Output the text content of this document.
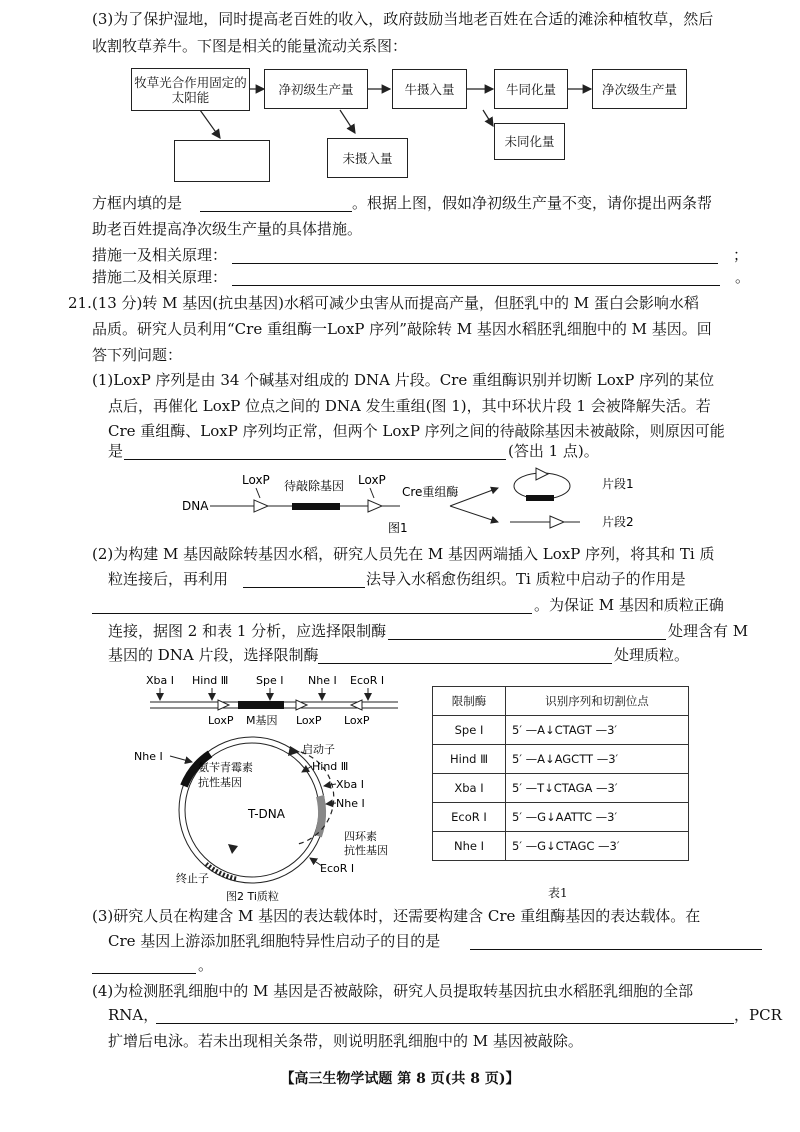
(3)为了保护湿地，同时提高老百姓的收入，政府鼓励当地老百姓在合适的滩涂种植牧草，然后
收割牧草养牛。下图是相关的能量流动关系图：
牧草光合作用固定的太阳能
净初级生产量	牛摄入量	牛同化量	净次级生产量
未摄入量
未同化量
方框内填的是	。根据上图，假如净初级生产量不变，请你提出两条帮
助老百姓提高净次级生产量的具体措施。
措施一及相关原理：	；
措施二及相关原理：	。
21.(13 分)转 M 基因(抗虫基因)水稻可减少虫害从而提高产量，但胚乳中的 M 蛋白会影响水稻
品质。研究人员利用“Cre 重组酶一LoxP 序列”敲除转 M 基因水稻胚乳细胞中的 M 基因。回
答下列问题：
(1)LoxP 序列是由 34 个碱基对组成的 DNA 片段。Cre 重组酶识别并切断 LoxP 序列的某位
点后，再催化 LoxP 位点之间的 DNA 发生重组(图 1)，其中环状片段 1 会被降解失活。若
Cre 重组酶、LoxP 序列均正常，但两个 LoxP 序列之间的待敲除基因未被敲除，则原因可能
是	(答出 1 点)。
DNA
LoxP 待敲除基因 LoxP
Cre重组酶
片段1
片段2
图1
(2)为构建 M 基因敲除转基因水稻，研究人员先在 M 基因两端插入 LoxP 序列，将其和 Ti 质
粒连接后，再利用	法导入水稻愈伤组织。Ti 质粒中启动子的作用是
。为保证 M 基因和质粒正确
连接，据图 2 和表 1 分析，应选择限制酶	处理含有 M
基因的 DNA 片段，选择限制酶	处理质粒。
Xba Ⅰ Hind Ⅲ	Spe Ⅰ Nhe Ⅰ EcoR Ⅰ
LoxP M基因 LoxP LoxP
Nhe Ⅰ
氨苄青霉素
抗性基因
启动子
Hind Ⅲ
Xba Ⅰ
Nhe Ⅰ
T-DNA
四环素
抗性基因
EcoR Ⅰ
终止子
图2 Ti质粒
限制酶	识别序列和切割位点
Spe Ⅰ	5′ —A↓CTAGT —3′
Hind Ⅲ	5′ —A↓AGCTT —3′
Xba Ⅰ	5′ —T↓CTAGA —3′
EcoR Ⅰ	5′ —G↓AATTC —3′
Nhe Ⅰ	5′ —G↓CTAGC —3′
表1
(3)研究人员在构建含 M 基因的表达载体时，还需要构建含 Cre 重组酶基因的表达载体。在
Cre 基因上游添加胚乳细胞特异性启动子的目的是
。
(4)为检测胚乳细胞中的 M 基因是否被敲除，研究人员提取转基因抗虫水稻胚乳细胞的全部
RNA，	，PCR
扩增后电泳。若未出现相关条带，则说明胚乳细胞中的 M 基因被敲除。
【高三生物学试题 第 8 页(共 8 页)】
